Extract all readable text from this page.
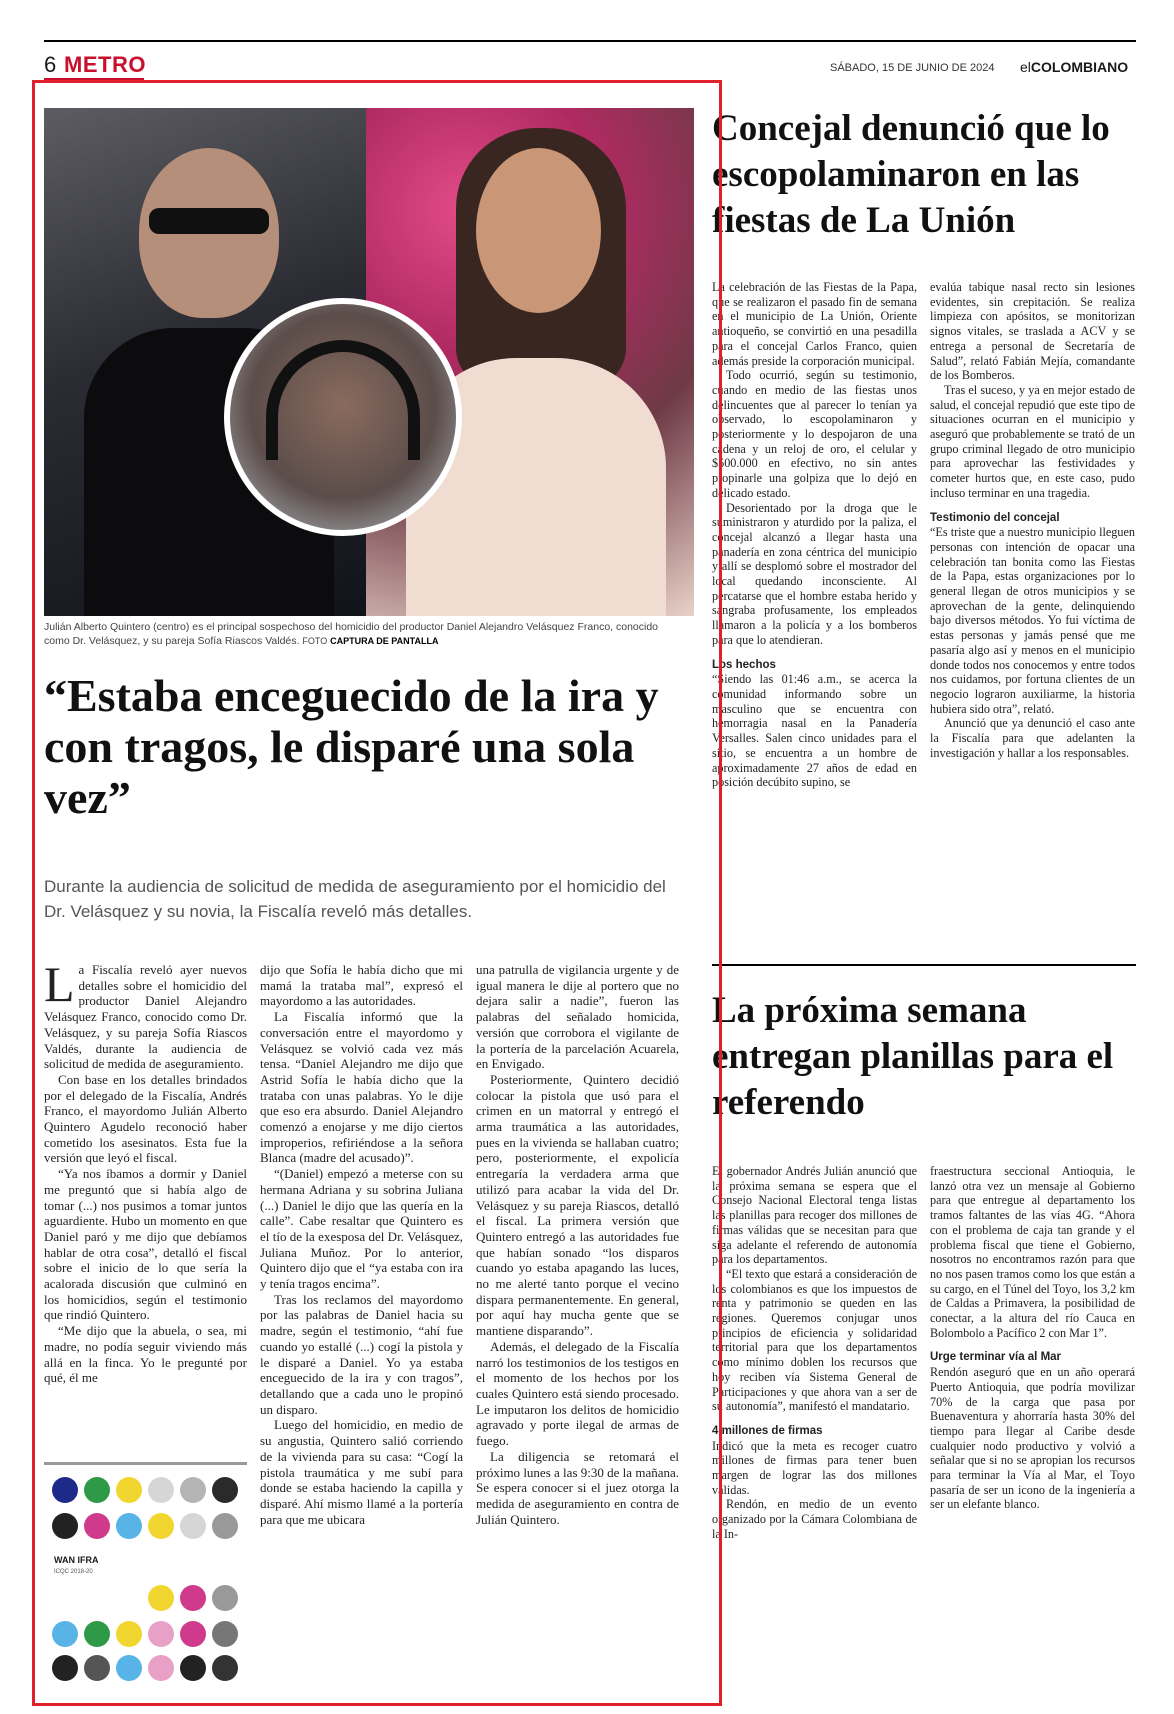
6 METRO	SÁBADO, 15 DE JUNIO DE 2024 elCOLOMBIANO
Julián Alberto Quintero (centro) es el principal sospechoso del homicidio del productor Daniel Alejandro Velásquez Franco, conocido como Dr. Velásquez, y su pareja Sofía Riascos Valdés. FOTO CAPTURA DE PANTALLA
“Estaba enceguecido de la ira y con tragos, le disparé una sola vez”
Durante la audiencia de solicitud de medida de aseguramiento por el homicidio del Dr. Velásquez y su novia, la Fiscalía reveló más detalles.

La Fiscalía reveló ayer nuevos detalles sobre el homicidio del productor Daniel Alejandro Velásquez Franco, conocido como Dr. Velásquez, y su pareja Sofía Riascos Valdés, durante la audiencia de solicitud de medida de aseguramiento.

Con base en los detalles brindados por el delegado de la Fiscalía, Andrés Franco, el mayordomo Julián Alberto Quintero Agudelo reconoció haber cometido los asesinatos. Esta fue la versión que leyó el fiscal.

“Ya nos íbamos a dormir y Daniel me preguntó que si había algo de tomar (...) nos pusimos a tomar juntos aguardiente. Hubo un momento en que Daniel paró y me dijo que debíamos hablar de otra cosa”, detalló el fiscal sobre el inicio de lo que sería la acalorada discusión que culminó en los homicidios, según el testimonio que rindió Quintero.

“Me dijo que la abuela, o sea, mi madre, no podía seguir viviendo más allá en la finca. Yo le pregunté por qué, él me

WAN IFRA
ICQC 2018-20

dijo que Sofía le había dicho que mi mamá la trataba mal”, expresó el mayordomo a las autoridades.

La Fiscalía informó que la conversación entre el mayordomo y Velásquez se volvió cada vez más tensa. “Daniel Alejandro me dijo que Astrid Sofía le había dicho que la trataba con unas palabras. Yo le dije que eso era absurdo. Daniel Alejandro comenzó a enojarse y me dijo ciertos improperios, refiriéndose a la señora Blanca (madre del acusado)”.

“(Daniel) empezó a meterse con su hermana Adriana y su sobrina Juliana (...) Daniel le dijo que las quería en la calle”. Cabe resaltar que Quintero es el tío de la exesposa del Dr. Velásquez, Juliana Muñoz. Por lo anterior, Quintero dijo que el “ya estaba con ira y tenía tragos encima”.

Tras los reclamos del mayordomo por las palabras de Daniel hacia su madre, según el testimonio, “ahí fue cuando yo estallé (...) cogí la pistola y le disparé a Daniel. Yo ya estaba enceguecido de la ira y con tragos”, detallando que a cada uno le propinó un disparo.

Luego del homicidio, en medio de su angustia, Quintero salió corriendo de la vivienda para su casa: “Cogí la pistola traumática y me subí para donde se estaba haciendo la capilla y disparé. Ahí mismo llamé a la portería para que me ubicara

una patrulla de vigilancia urgente y de igual manera le dije al portero que no dejara salir a nadie”, fueron las palabras del señalado homicida, versión que corrobora el vigilante de la portería de la parcelación Acuarela, en Envigado.

Posteriormente, Quintero decidió colocar la pistola que usó para el crimen en un matorral y entregó el arma traumática a las autoridades, pues en la vivienda se hallaban cuatro; pero, posteriormente, el expolicía entregaría la verdadera arma que utilizó para acabar la vida del Dr. Velásquez y su pareja Riascos, detalló el fiscal. La primera versión que Quintero entregó a las autoridades fue que habían sonado “los disparos cuando yo estaba apagando las luces, no me alerté tanto porque el vecino dispara permanentemente. En general, por aquí hay mucha gente que se mantiene disparando”.

Además, el delegado de la Fiscalía narró los testimonios de los testigos en el momento de los hechos por los cuales Quintero está siendo procesado. Le imputaron los delitos de homicidio agravado y porte ilegal de armas de fuego.

La diligencia se retomará el próximo lunes a las 9:30 de la mañana. Se espera conocer si el juez otorga la medida de aseguramiento en contra de Julián Quintero.

Concejal denunció que lo escopolaminaron en las fiestas de La Unión

La celebración de las Fiestas de la Papa, que se realizaron el pasado fin de semana en el municipio de La Unión, Oriente antioqueño, se convirtió en una pesadilla para el concejal Carlos Franco, quien además preside la corporación municipal.

Todo ocurrió, según su testimonio, cuando en medio de las fiestas unos delincuentes que al parecer lo tenían ya observado, lo escopolaminaron y posteriormente y lo despojaron de una cadena y un reloj de oro, el celular y $500.000 en efectivo, no sin antes propinarle una golpiza que lo dejó en delicado estado.

Desorientado por la droga que le suministraron y aturdido por la paliza, el concejal alcanzó a llegar hasta una panadería en zona céntrica del municipio y allí se desplomó sobre el mostrador del local quedando inconsciente. Al percatarse que el hombre estaba herido y sangraba profusamente, los empleados llamaron a la policía y a los bomberos para que lo atendieran.

Los hechos

“Siendo las 01:46 a.m., se acerca la comunidad informando sobre un masculino que se encuentra con hemorragia nasal en la Panadería Versalles. Salen cinco unidades para el sitio, se encuentra a un hombre de aproximadamente 27 años de edad en posición decúbito supino, se

evalúa tabique nasal recto sin lesiones evidentes, sin crepitación. Se realiza limpieza con apósitos, se monitorizan signos vitales, se traslada a ACV y se entrega a personal de Secretaría de Salud”, relató Fabián Mejía, comandante de los Bomberos.

Tras el suceso, y ya en mejor estado de salud, el concejal repudió que este tipo de situaciones ocurran en el municipio y aseguró que probablemente se trató de un grupo criminal llegado de otro municipio para aprovechar las festividades y cometer hurtos que, en este caso, pudo incluso terminar en una tragedia.

Testimonio del concejal

“Es triste que a nuestro municipio lleguen personas con intención de opacar una celebración tan bonita como las Fiestas de la Papa, estas organizaciones por lo general llegan de otros municipios y se aprovechan de la gente, delinquiendo bajo diversos métodos. Yo fui víctima de estas personas y jamás pensé que me pasaría algo así y menos en el municipio donde todos nos conocemos y entre todos nos cuidamos, por fortuna clientes de un negocio lograron auxiliarme, la historia hubiera sido otra”, relató.

Anunció que ya denunció el caso ante la Fiscalía para que adelanten la investigación y hallar a los responsables.

La próxima semana entregan planillas para el referendo

El gobernador Andrés Julián anunció que la próxima semana se espera que el Consejo Nacional Electoral tenga listas las planillas para recoger dos millones de firmas válidas que se necesitan para que siga adelante el referendo de autonomía para los departamentos.

“El texto que estará a consideración de los colombianos es que los impuestos de renta y patrimonio se queden en las regiones. Queremos conjugar unos principios de eficiencia y solidaridad territorial para que los departamentos como mínimo doblen los recursos que hoy reciben vía Sistema General de Participaciones y que ahora van a ser de su autonomía”, manifestó el mandatario.

4 millones de firmas

Indicó que la meta es recoger cuatro millones de firmas para tener buen margen de lograr las dos millones válidas.

Rendón, en medio de un evento organizado por la Cámara Colombiana de la In-

fraestructura seccional Antioquia, le lanzó otra vez un mensaje al Gobierno para que entregue al departamento los tramos faltantes de las vías 4G. “Ahora con el problema de caja tan grande y el problema fiscal que tiene el Gobierno, nosotros no encontramos razón para que no nos pasen tramos como los que están a su cargo, en el Túnel del Toyo, los 3,2 km de Caldas a Primavera, la posibilidad de conectar, a la altura del río Cauca en Bolombolo a Pacífico 2 con Mar 1”.

Urge terminar vía al Mar

Rendón aseguró que en un año operará Puerto Antioquia, que podría movilizar 70% de la carga que pasa por Buenaventura y ahorraría hasta 30% del tiempo para llegar al Caribe desde cualquier nodo productivo y volvió a señalar que si no se apropian los recursos para terminar la Vía al Mar, el Toyo pasaría de ser un icono de la ingeniería a ser un elefante blanco.
